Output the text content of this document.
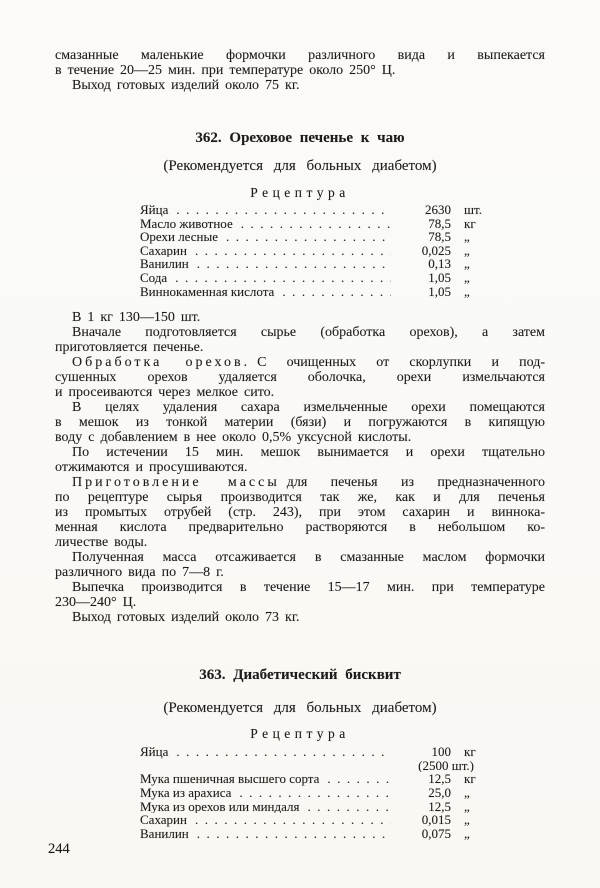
смазанные маленькие формочки различного вида и выпекается
в течение 20—25 мин. при температуре около 250° Ц.
Выход готовых изделий около 75 кг.
362. Ореховое печенье к чаю
(Рекомендуется для больных диабетом)
Рецептура
Яйца .....	2630	шт.
Масло животное .....	78,5	кг
Орехи лесные .....	78,5	„
Сахарин .....	0,025	„
Ванилин .....	0,13	„
Сода .....	1,05	„
Виннокаменная кислота .....	1,05	„
В 1 кг 130—150 шт.
Вначале подготовляется сырье (обработка орехов), а затем
приготовляется печенье.
Обработка орехов. С очищенных от скорлупки и под-
сушенных орехов удаляется оболочка, орехи измельчаются
и просеиваются через мелкое сито.
В целях удаления сахара измельченные орехи помещаются
в мешок из тонкой материи (бязи) и погружаются в кипящую
воду с добавлением в нее около 0,5% уксусной кислоты.
По истечении 15 мин. мешок вынимается и орехи тщательно
отжимаются и просушиваются.
Приготовление массы для печенья из предназначенного
по рецептуре сырья производится так же, как и для печенья
из промытых отрубей (стр. 243), при этом сахарин и виннока-
менная кислота предварительно растворяются в небольшом ко-
личестве воды.
Полученная масса отсаживается в смазанные маслом формочки
различного вида по 7—8 г.
Выпечка производится в течение 15—17 мин. при температуре
230—240° Ц.
Выход готовых изделий около 73 кг.
363. Диабетический бисквит
(Рекомендуется для больных диабетом)
Рецептура
Яйца .....	100	кг
(2500 шт.)
Мука пшеничная высшего сорта .....	12,5	кг
Мука из арахиса .....	25,0	„
Мука из орехов или миндаля .....	12,5	„
Сахарин .....	0,015	„
Ванилин .....	0,075	„
244
